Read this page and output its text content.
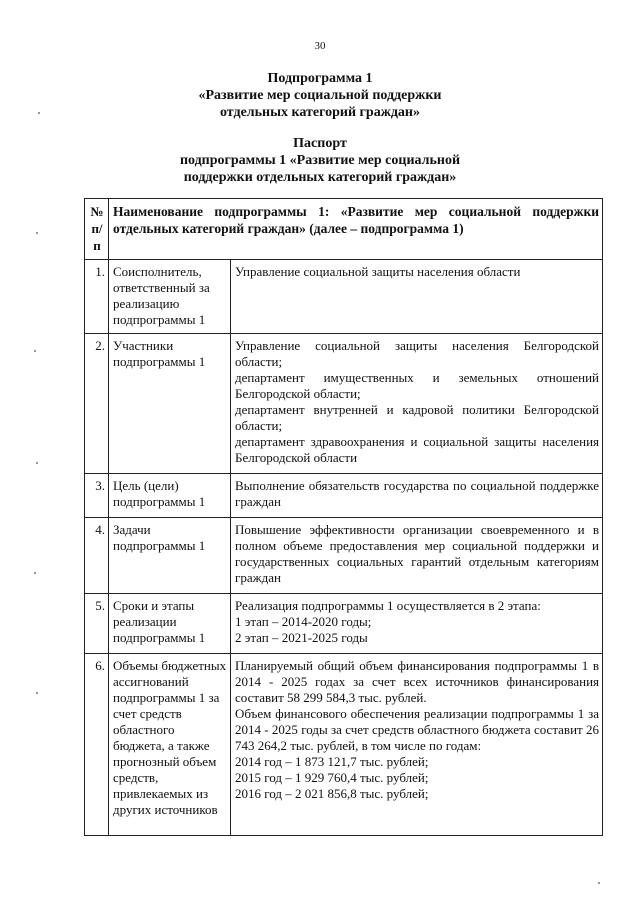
30
Подпрограмма 1
«Развитие мер социальной поддержки
отдельных категорий граждан»
Паспорт
подпрограммы 1 «Развитие мер социальной
поддержки отдельных категорий граждан»
№ п/п	Наименование подпрограммы 1: «Развитие мер социальной поддержки отдельных категорий граждан» (далее – подпрограмма 1)	
1.	Соисполнитель, ответственный за реализацию подпрограммы 1	Управление социальной защиты населения области

2.	Участники подпрограммы 1	Управление социальной защиты населения Белгородской области;
департамент имущественных и земельных отношений Белгородской области;
департамент внутренней и кадровой политики Белгородской области;
департамент здравоохранения и социальной защиты населения Белгородской области

3.	Цель (цели) подпрограммы 1	Выполнение обязательств государства по социальной поддержке граждан

4.	Задачи подпрограммы 1	Повышение эффективности организации своевременного и в полном объеме предоставления мер социальной поддержки и государственных социальных гарантий отдельным категориям граждан

5.	Сроки и этапы реализации подпрограммы 1	Реализация подпрограммы 1 осуществляется в 2 этапа:
1 этап – 2014-2020 годы;
2 этап – 2021-2025 годы

6.	Объемы бюджетных ассигнований подпрограммы 1 за счет средств областного бюджета, а также прогнозный объем средств, привлекаемых из других источников	Планируемый общий объем финансирования подпрограммы 1 в 2014 - 2025 годах за счет всех источников финансирования составит 58 299 584,3 тыс. рублей.
Объем финансового обеспечения реализации подпрограммы 1 за 2014 - 2025 годы за счет средств областного бюджета составит 26 743 264,2 тыс. рублей, в том числе по годам:
2014 год – 1 873 121,7 тыс. рублей;
2015 год – 1 929 760,4 тыс. рублей;
2016 год – 2 021 856,8 тыс. рублей;
